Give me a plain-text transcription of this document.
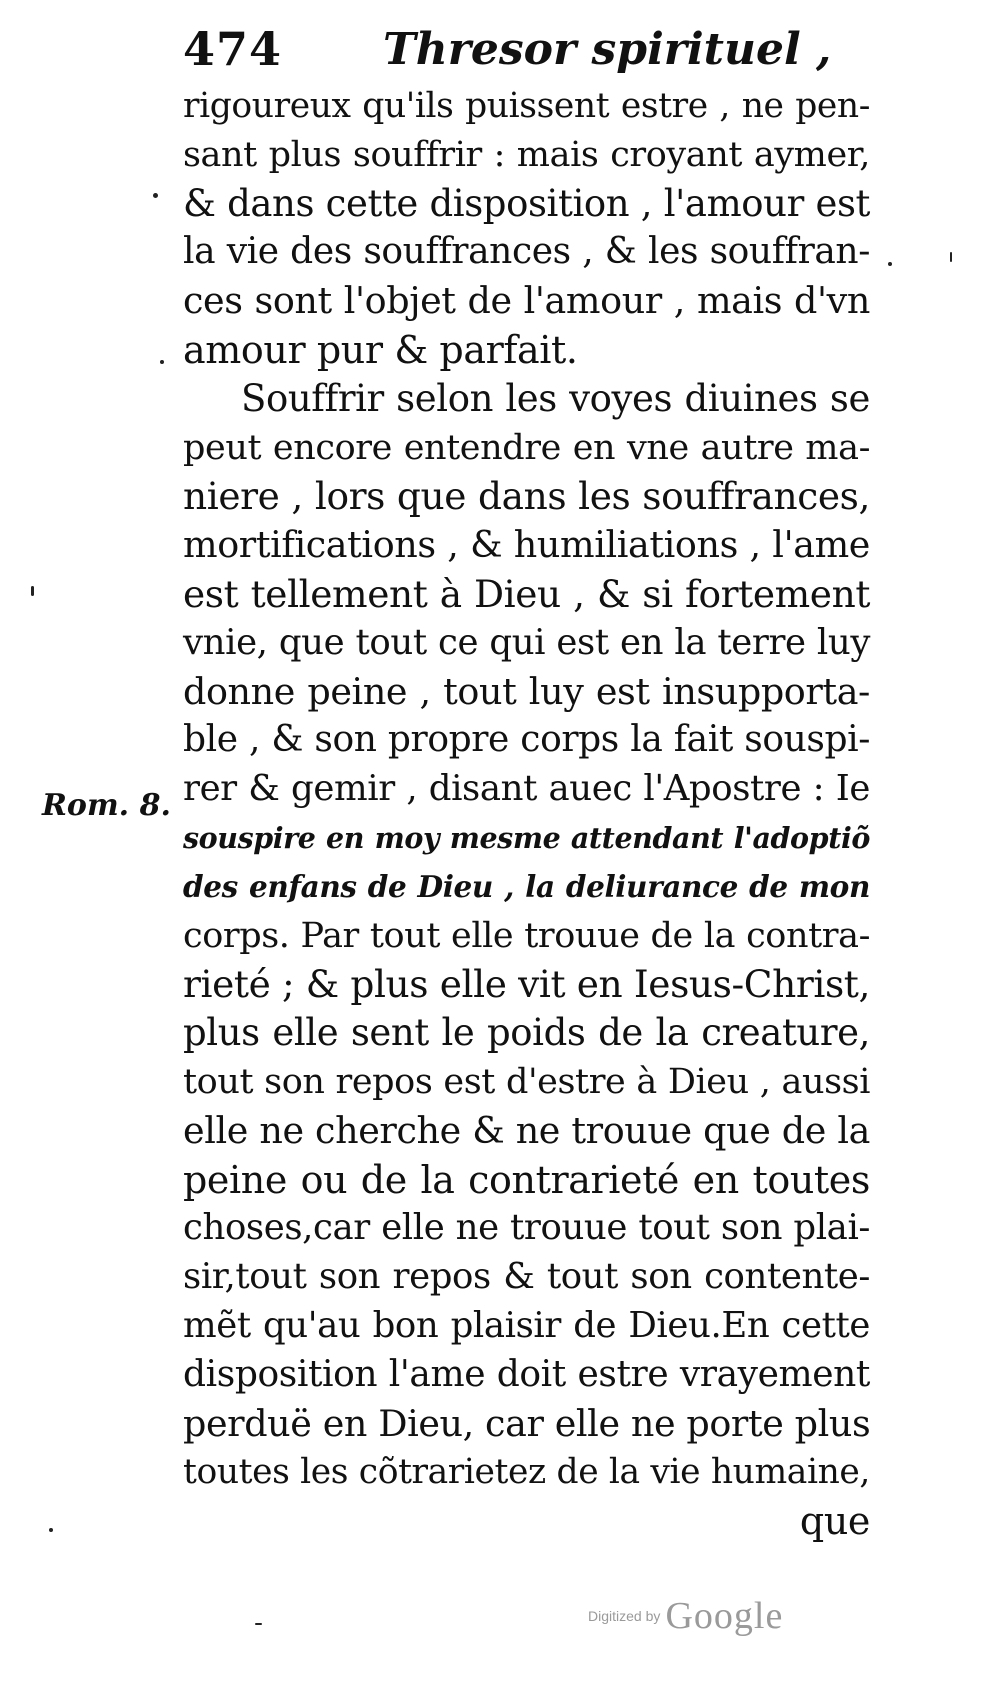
474 Thresor spirituel ,
Rom. 8.
rigoureux qu'ils puissent estre , ne pen-
sant plus souffrir : mais croyant aymer,
& dans cette disposition , l'amour est
la vie des souffrances , & les souffran-
ces sont l'objet de l'amour , mais d'vn
amour pur & parfait.
Souffrir selon les voyes diuines se
peut encore entendre en vne autre ma-
niere , lors que dans les souffrances,
mortifications , & humiliations , l'ame
est tellement à Dieu , & si fortement
vnie, que tout ce qui est en la terre luy
donne peine , tout luy est insupporta-
ble , & son propre corps la fait souspi-
rer & gemir , disant auec l'Apostre : Ie
souspire en moy mesme attendant l'adoptiõ
des enfans de Dieu , la deliurance de mon
corps. Par tout elle trouue de la contra-
rieté ; & plus elle vit en Iesus-Christ,
plus elle sent le poids de la creature,
tout son repos est d'estre à Dieu , aussi
elle ne cherche & ne trouue que de la
peine ou de la contrarieté en toutes
choses,car elle ne trouue tout son plai-
sir,tout son repos & tout son contente-
mẽt qu'au bon plaisir de Dieu.En cette
disposition l'ame doit estre vrayement
perduë en Dieu, car elle ne porte plus
toutes les cõtrarietez de la vie humaine,
que
Digitized by Google
